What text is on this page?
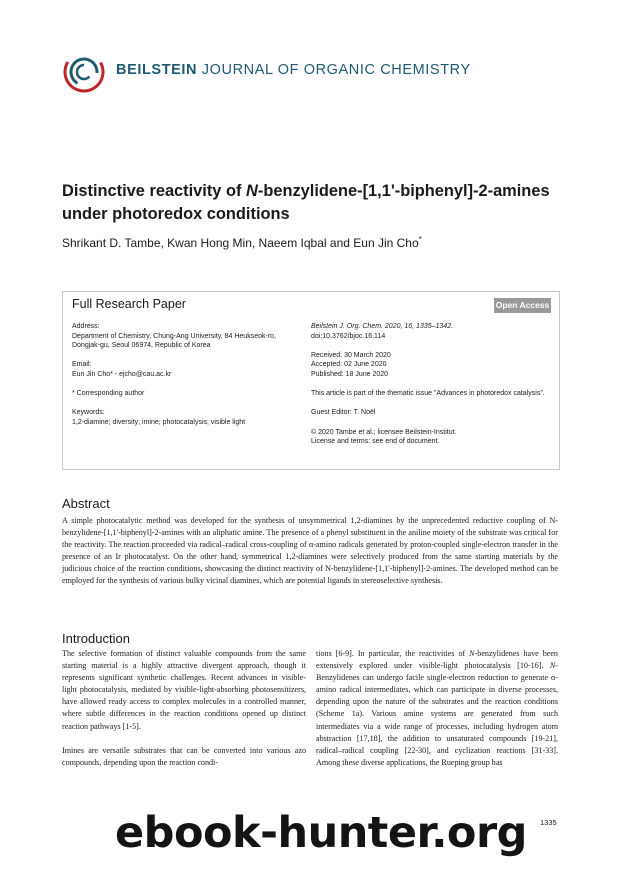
BEILSTEIN JOURNAL OF ORGANIC CHEMISTRY
Distinctive reactivity of N-benzylidene-[1,1'-biphenyl]-2-amines under photoredox conditions
Shrikant D. Tambe, Kwan Hong Min, Naeem Iqbal and Eun Jin Cho*
Full Research Paper	Open Access

Address:

Department of Chemistry, Chung-Ang University, 84 Heukseok-ro, Dongjak-gu, Seoul 06974, Republic of Korea

Email:

Eun Jin Cho* - ejcho@cau.ac.kr

* Corresponding author

Keywords:

1,2-diamine; diversity; imine; photocatalysis; visible light

Beilstein J. Org. Chem. 2020, 16, 1335–1342.

doi:10.3762/bjoc.16.114

Received: 30 March 2020

Accepted: 02 June 2020

Published: 18 June 2020

This article is part of the thematic issue "Advances in photoredox catalysis".

Guest Editor: T. Noël

© 2020 Tambe et al.; licensee Beilstein-Institut.

License and terms: see end of document.

Abstract
A simple photocatalytic method was developed for the synthesis of unsymmetrical 1,2-diamines by the unprecedented reductive coupling of N-benzylidene-[1,1'-biphenyl]-2-amines with an aliphatic amine. The presence of a phenyl substituent in the aniline moiety of the substrate was critical for the reactivity. The reaction proceeded via radical–radical cross-coupling of α-amino radicals generated by proton-coupled single-electron transfer in the presence of an Ir photocatalyst. On the other hand, symmetrical 1,2-diamines were selectively produced from the same starting materials by the judicious choice of the reaction conditions, showcasing the distinct reactivity of N-benzylidene-[1,1'-biphenyl]-2-amines. The developed method can be employed for the synthesis of various bulky vicinal diamines, which are potential ligands in stereoselective synthesis.
Introduction

The selective formation of distinct valuable compounds from the same starting material is a highly attractive divergent approach, though it represents significant synthetic challenges. Recent advances in visible-light photocatalysis, mediated by visible-light-absorbing photosensitizers, have allowed ready access to complex molecules in a controlled manner, where subtle differences in the reaction conditions opened up distinct reaction pathways [1-5].

Imines are versatile substrates that can be converted into various azo compounds, depending upon the reaction condi-

tions [6-9]. In particular, the reactivities of N-benzylidenes have been extensively explored under visible-light photocatalysis [10-16]. N-Benzylidenes can undergo facile single-electron reduction to generate α-amino radical intermediates, which can participate in diverse processes, depending upon the nature of the substrates and the reaction conditions (Scheme 1a). Various amine systems are generated from such intermediates via a wide range of processes, including hydrogen atom abstraction [17,18], the addition to unsaturated compounds [19-21], radical–radical coupling [22-30], and cyclization reactions [31-33]. Among these diverse applications, the Rueping group has

1335
ebook-hunter.org
